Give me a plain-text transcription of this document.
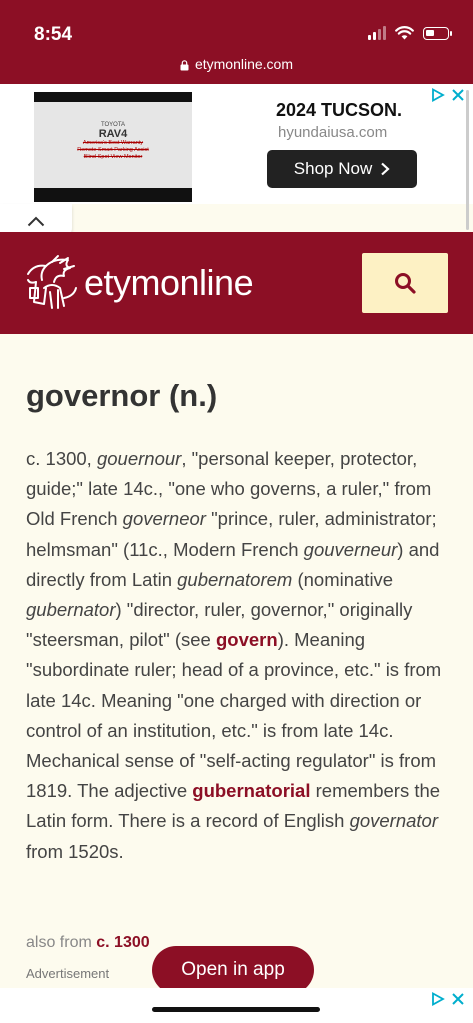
8:54
etymonline.com
TOYOTA
RAV4
America's Best Warranty
Remote Smart Parking Assist
Blind-Spot View Monitor
2024 TUCSON.
hyundaiusa.com
Shop Now
etymonline
governor (n.)

c. 1300, gouernour, "personal keeper, protector, guide;" late 14c., "one who governs, a ruler," from Old French governeor "prince, ruler, administrator; helmsman" (11c., Modern French gouverneur) and directly from Latin gubernatorem (nominative gubernator) "director, ruler, governor," originally "steersman, pilot" (see govern). Meaning "subordinate ruler; head of a province, etc." is from late 14c. Meaning "one charged with direction or control of an institution, etc." is from late 14c. Mechanical sense of "self-acting regulator" is from 1819. The adjective gubernatorial remembers the Latin form. There is a record of English governator from 1520s.

also from c. 1300
Advertisement	Open in app
